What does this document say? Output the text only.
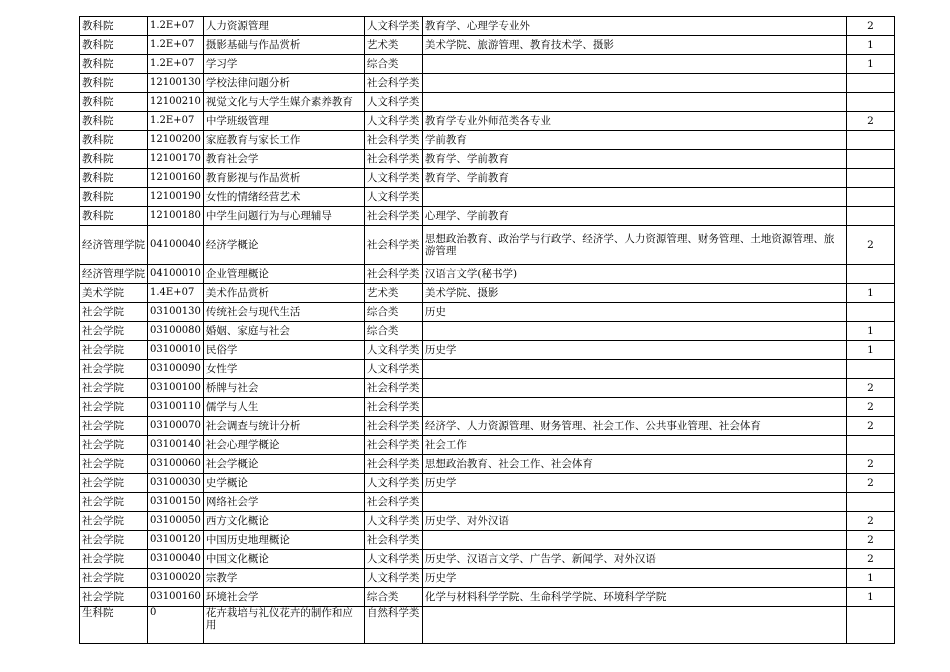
教科院	1.2E+07	人力资源管理	人文科学类	教育学、心理学专业外	2
教科院	1.2E+07	摄影基础与作品赏析	艺术类	美术学院、旅游管理、教育技术学、摄影	1
教科院	1.2E+07	学习学	综合类		1
教科院	12100130	学校法律问题分析	社会科学类		
教科院	12100210	视觉文化与大学生媒介素养教育	人文科学类		
教科院	1.2E+07	中学班级管理	人文科学类	教育学专业外师范类各专业	2
教科院	12100200	家庭教育与家长工作	社会科学类	学前教育	
教科院	12100170	教育社会学	社会科学类	教育学、学前教育	
教科院	12100160	教育影视与作品赏析	人文科学类	教育学、学前教育	
教科院	12100190	女性的情绪经营艺术	人文科学类		
教科院	12100180	中学生问题行为与心理辅导	社会科学类	心理学、学前教育	
经济管理学院	04100040	经济学概论	社会科学类	思想政治教育、政治学与行政学、经济学、人力资源管理、财务管理、土地资源管理、旅游管理	2
经济管理学院	04100010	企业管理概论	社会科学类	汉语言文学(秘书学)	
美术学院	1.4E+07	美术作品赏析	艺术类	美术学院、摄影	1
社会学院	03100130	传统社会与现代生活	综合类	历史	
社会学院	03100080	婚姻、家庭与社会	综合类		1
社会学院	03100010	民俗学	人文科学类	历史学	1
社会学院	03100090	女性学	人文科学类		
社会学院	03100100	桥牌与社会	社会科学类		2
社会学院	03100110	儒学与人生	社会科学类		2
社会学院	03100070	社会调查与统计分析	社会科学类	经济学、人力资源管理、财务管理、社会工作、公共事业管理、社会体育	2
社会学院	03100140	社会心理学概论	社会科学类	社会工作	
社会学院	03100060	社会学概论	社会科学类	思想政治教育、社会工作、社会体育	2
社会学院	03100030	史学概论	人文科学类	历史学	2
社会学院	03100150	网络社会学	社会科学类		
社会学院	03100050	西方文化概论	人文科学类	历史学、对外汉语	2
社会学院	03100120	中国历史地理概论	社会科学类		2
社会学院	03100040	中国文化概论	人文科学类	历史学、汉语言文学、广告学、新闻学、对外汉语	2
社会学院	03100020	宗教学	人文科学类	历史学	1
社会学院	03100160	环境社会学	综合类	化学与材料科学学院、生命科学学院、环境科学学院	1
生科院	0	花卉栽培与礼仪花卉的制作和应用	自然科学类		
